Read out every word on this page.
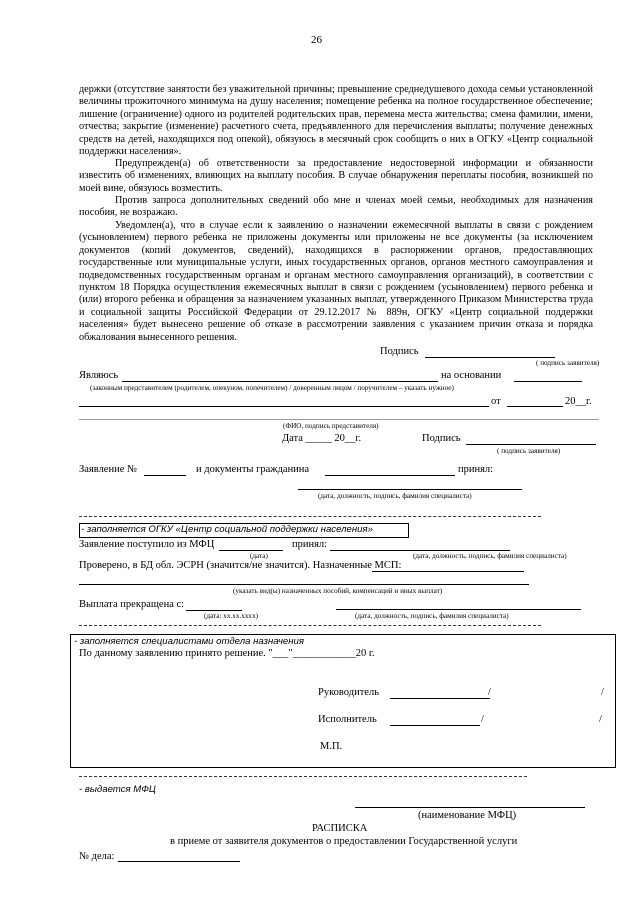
26
держки (отсутствие занятости без уважительной причины; превышение среднедушевого дохода семьи установленной величины прожиточного минимума на душу населения; помещение ребенка на полное государственное обеспечение; лишение (ограничение) одного из родителей родительских прав, перемена места жительства; смена фамилии, имени, отчества; закрытие (изменение) расчетного счета, предъявленного для перечисления выплаты; получение денежных средств на детей, находящихся под опекой), обязуюсь в месячный срок сообщить о них в ОГКУ «Центр социальной поддержки населения».
Предупрежден(а) об ответственности за предоставление недостоверной информации и обязанности известить об изменениях, влияющих на выплату пособия. В случае обнаружения переплаты пособия, возникшей по моей вине, обязуюсь возместить.
Против запроса дополнительных сведений обо мне и членах моей семьи, необходимых для назначения пособия, не возражаю.
Уведомлен(а), что в случае если к заявлению о назначении ежемесячной выплаты в связи с рождением (усыновлением) первого ребенка не приложены документы или приложены не все документы (за исключением документов (копий документов, сведений), находящихся в распоряжении органов, предоставляющих государственные или муниципальные услуги, иных государственных органов, органов местного самоуправления и подведомственных государственным органам и органам местного самоуправления организаций), в соответствии с пунктом 18 Порядка осуществления ежемесячных выплат в связи с рождением (усыновлением) первого ребенка и (или) второго ребенка и обращения за назначением указанных выплат, утвержденного Приказом Министерства труда и социальной защиты Российской Федерации от 29.12.2017 № 889н, ОГКУ «Центр социальной поддержки населения» будет вынесено решение об отказе в рассмотрении заявления с указанием причин отказа и порядка обжалования вынесенного решения.
Подпись
( подпись заявителя)
Являюсь	на основании
(законным представителем (родителем, опекуном, попечителем) / доверенным лицом / поручителем – указать нужное)
от	20__г.
(ФИО, подпись представителя)
Дата _____ 20__г.	Подпись
( подпись заявителя)
Заявление №	и документы гражданина	принял:
(дата, должность, подпись, фамилия специалиста)
- заполняется ОГКУ «Центр социальной поддержки населения»
Заявление поступило из МФЦ	принял:
(дата)	(дата, должность, подпись, фамилия специалиста)
Проверено, в БД обл. ЭСРН (значится/не значится). Назначенные МСП:
(указать вид(ы) назначенных пособий, компенсаций и иных выплат)
Выплата прекращена с:
(дата: хх.хх.хххх)	(дата, должность, подпись, фамилия специалиста)
- заполняется специалистами отдела назначения
По данному заявлению принято решение. "___"____________20 г.
Руководитель	/	/
Исполнитель	/	/
М.П.
- выдается МФЦ
(наименование МФЦ)
РАСПИСКА
в приеме от заявителя документов о предоставлении Государственной услуги
№ дела:
